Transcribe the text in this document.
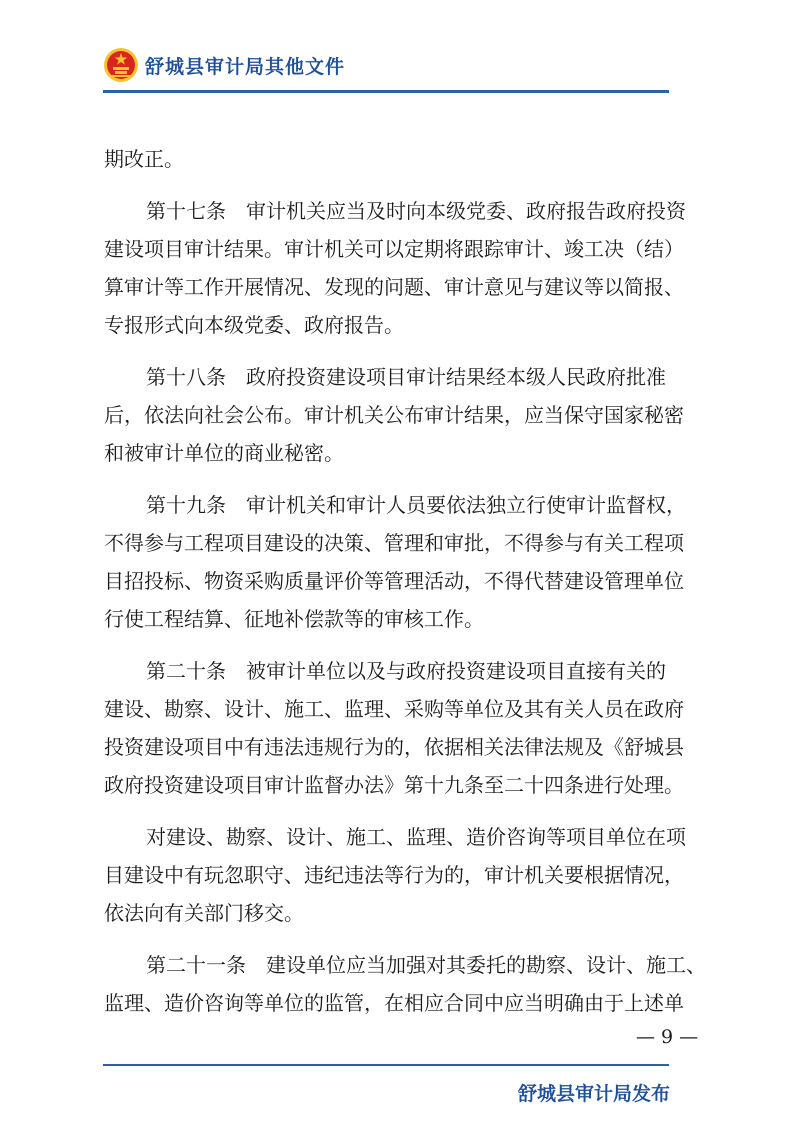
舒城县审计局其他文件
期改正。
第十七条　审计机关应当及时向本级党委、政府报告政府投资
建设项目审计结果。审计机关可以定期将跟踪审计、竣工决（结）
算审计等工作开展情况、发现的问题、审计意见与建议等以简报、
专报形式向本级党委、政府报告。
第十八条　政府投资建设项目审计结果经本级人民政府批准
后，依法向社会公布。审计机关公布审计结果，应当保守国家秘密
和被审计单位的商业秘密。
第十九条　审计机关和审计人员要依法独立行使审计监督权，
不得参与工程项目建设的决策、管理和审批，不得参与有关工程项
目招投标、物资采购质量评价等管理活动，不得代替建设管理单位
行使工程结算、征地补偿款等的审核工作。
第二十条　被审计单位以及与政府投资建设项目直接有关的
建设、勘察、设计、施工、监理、采购等单位及其有关人员在政府
投资建设项目中有违法违规行为的，依据相关法律法规及《舒城县
政府投资建设项目审计监督办法》第十九条至二十四条进行处理。
对建设、勘察、设计、施工、监理、造价咨询等项目单位在项
目建设中有玩忽职守、违纪违法等行为的，审计机关要根据情况，
依法向有关部门移交。
第二十一条　建设单位应当加强对其委托的勘察、设计、施工、
监理、造价咨询等单位的监管，在相应合同中应当明确由于上述单
— 9 —
舒城县审计局发布
